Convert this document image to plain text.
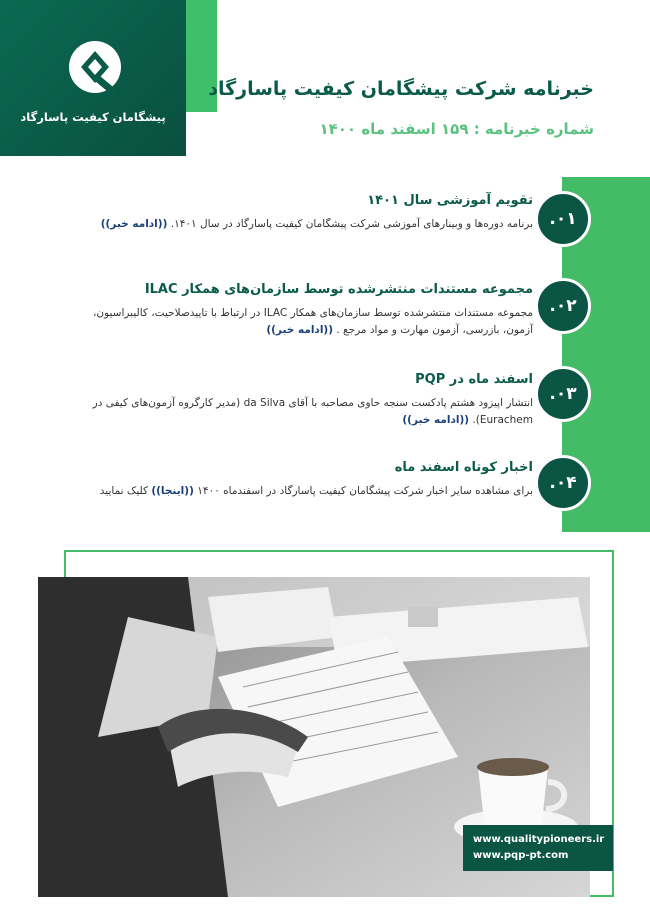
پیشگامان کیفیت پاسارگاد
خبرنامه شرکت پیشگامان کیفیت پاسارگاد
شماره خبرنامه : ۱۵۹ اسفند ماه ۱۴۰۰
.۰۱
تقویم آموزشی سال ۱۴۰۱
برنامه دوره‌ها و وبینارهای آموزشی شرکت پیشگامان کیفیت پاسارگاد در سال ۱۴۰۱. ((ادامه خبر))
.۰۲
مجموعه مستندات منتشرشده توسط سازمان‌های همکار ILAC
مجموعه مستندات منتشرشده توسط سازمان‌های همکار ILAC در ارتباط با تاییدصلاحیت، کالیبراسیون، آزمون، بازرسی، آزمون مهارت و مواد مرجع . ((ادامه خبر))
.۰۳
اسفند ماه در PQP
انتشار اپیزود هشتم پادکست سنجه حاوی مصاحبه با آقای da Silva (مدیر کارگروه آزمون‌های کیفی در Eurachem). ((ادامه خبر))
.۰۴
اخبار کوتاه اسفند ماه
برای مشاهده سایر اخبار شرکت پیشگامان کیفیت پاسارگاد در اسفندماه ۱۴۰۰ ((اینجا)) کلیک نمایید
www.qualitypioneers.ir
www.pqp-pt.com
